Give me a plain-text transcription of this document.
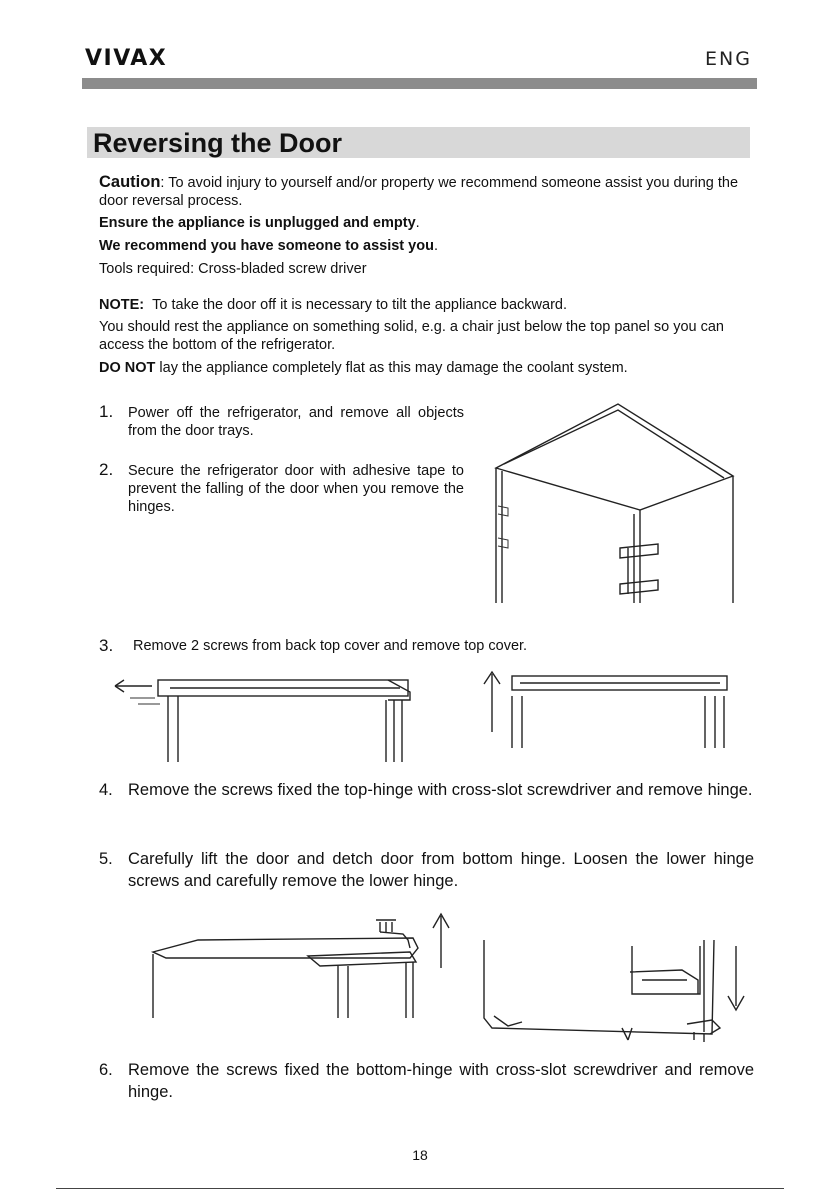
VIVAX	ENG
Reversing the Door
Caution: To avoid injury to yourself and/or property we recommend someone assist you during the door reversal process.
Ensure the appliance is unplugged and empty.
We recommend you have someone to assist you.
Tools required: Cross-bladed screw driver
NOTE: To take the door off it is necessary to tilt the appliance backward.
You should rest the appliance on something solid, e.g. a chair just below the top panel so you can access the bottom of the refrigerator.
DO NOT lay the appliance completely flat as this may damage the coolant system.
1. Power off the refrigerator, and remove all objects from the door trays.
2. Secure the refrigerator door with adhesive tape to prevent the falling of the door when you remove the hinges.
3. Remove 2 screws from back top cover and remove top cover.
4. Remove the screws fixed the top-hinge with cross-slot screwdriver and remove hinge.
5. Carefully lift the door and detch door from bottom hinge. Loosen the lower hinge screws and carefully remove the lower hinge.
6. Remove the screws fixed the bottom-hinge with cross-slot screwdriver and remove hinge.
18
